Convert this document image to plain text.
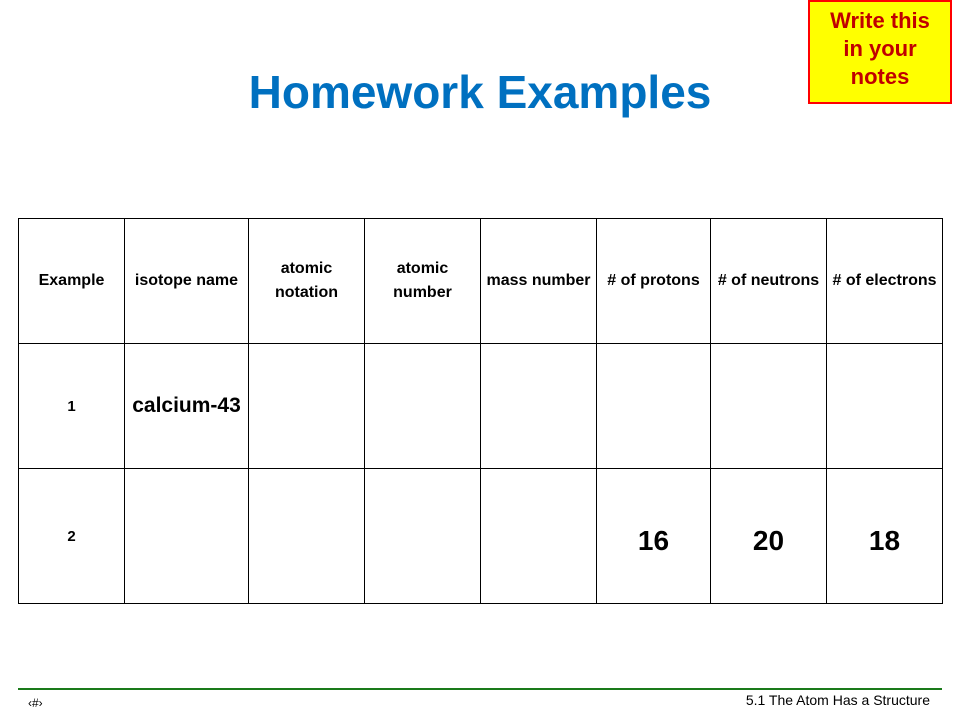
Homework Examples
Write this
in your
notes
Example	isotope name	atomic notation	atomic number	mass number	# of protons	# of neutrons	# of electrons
1	calcium-43						
2					16	20	18
‹#›	5.1 The Atom Has a Structure
